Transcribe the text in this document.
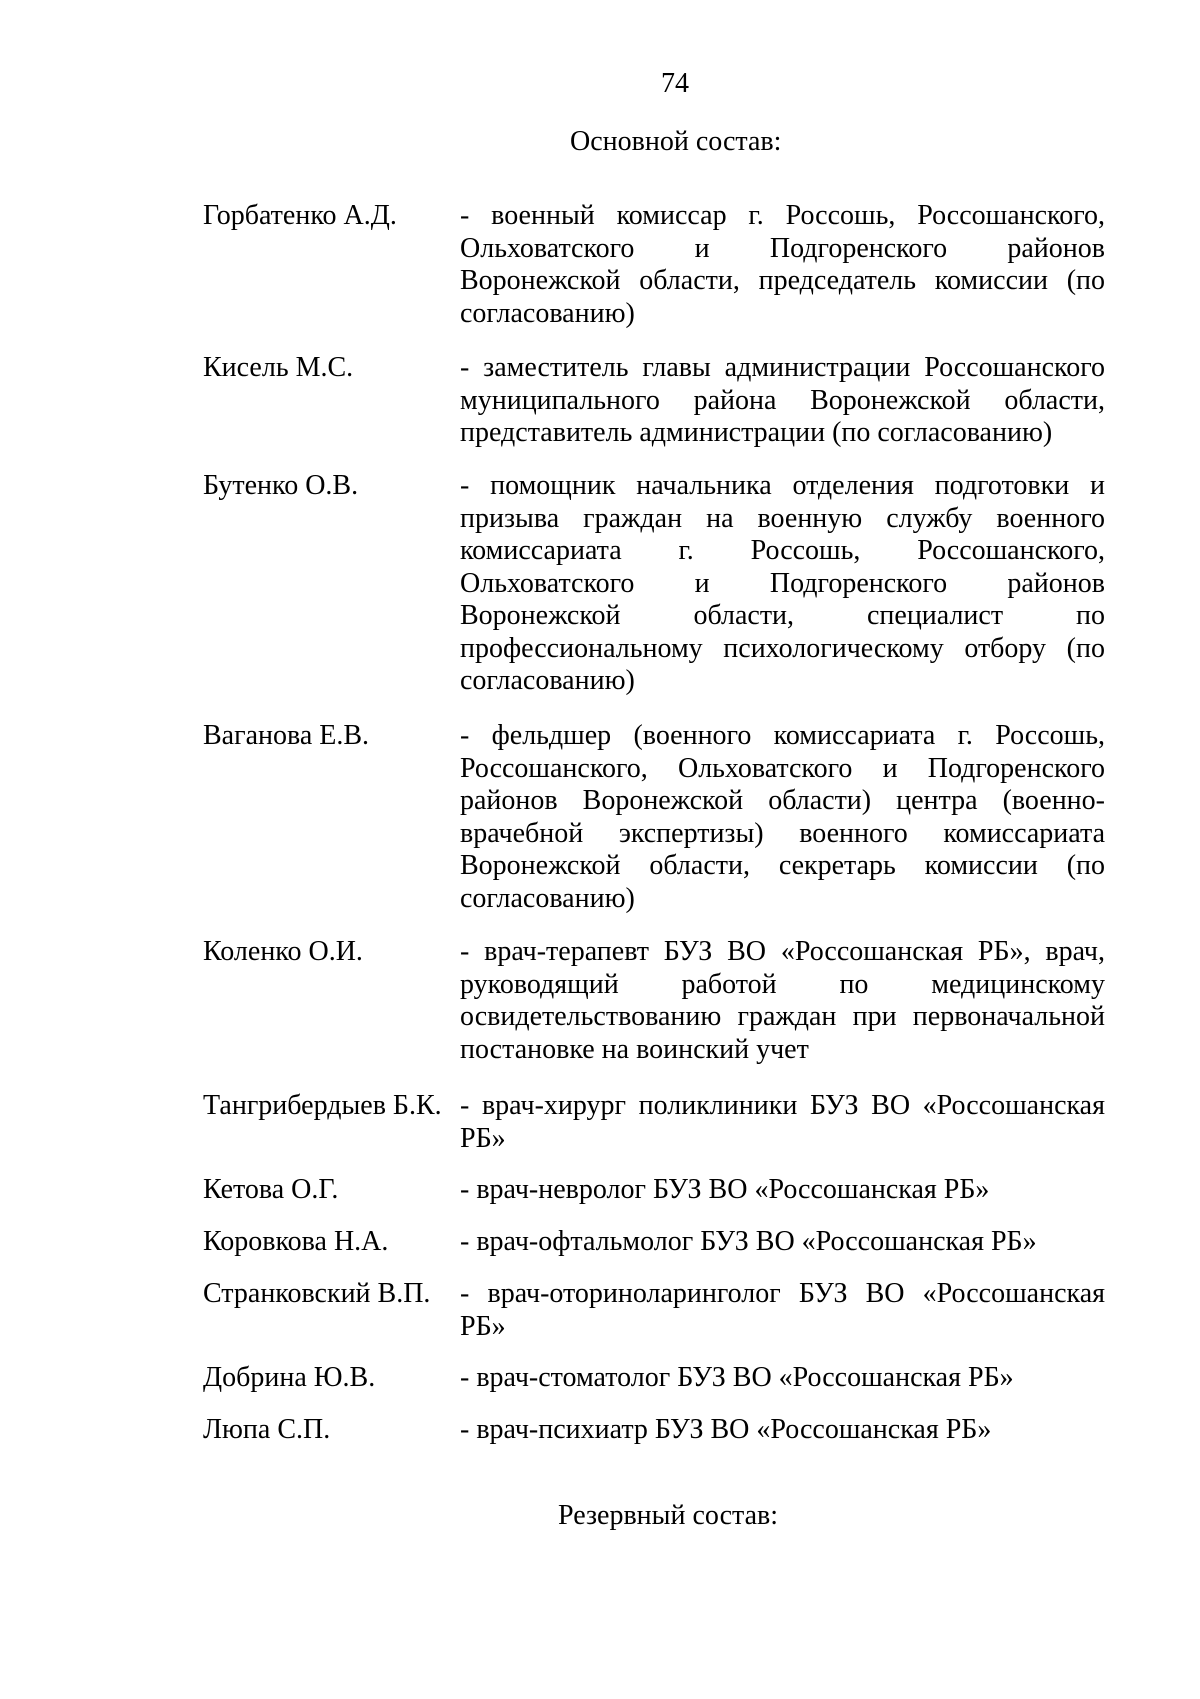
74
Основной состав:
Горбатенко А.Д.	- военный комиссар г. Россошь, Россошанского, Ольховатского и Подгоренского районов Воронежской области, председатель комиссии (по согласованию)
Кисель М.С.	- заместитель главы администрации Россошанского муниципального района Воронежской области, представитель администрации (по согласованию)
Бутенко О.В.	- помощник начальника отделения подготовки и призыва граждан на военную службу военного комиссариата г. Россошь, Россошанского, Ольховатского и Подгоренского районов Воронежской области, специалист по профессиональному психологическому отбору (по согласованию)
Ваганова Е.В.	- фельдшер (военного комиссариата г. Россошь, Россошанского, Ольховатского и Подгоренского районов Воронежской области) центра (военно-врачебной экспертизы) военного комиссариата Воронежской области, секретарь комиссии (по согласованию)
Коленко О.И.	- врач-терапевт БУЗ ВО «Россошанская РБ», врач, руководящий работой по медицинскому освидетельствованию граждан при первоначальной постановке на воинский учет
Тангрибердыев Б.К. - врач-хирург поликлиники БУЗ ВО «Россошанская РБ»
Кетова О.Г.	- врач-невролог БУЗ ВО «Россошанская РБ»
Коровкова Н.А.	- врач-офтальмолог БУЗ ВО «Россошанская РБ»
Странковский В.П.	- врач-оториноларинголог БУЗ ВО «Россошанская РБ»
Добрина Ю.В.	- врач-стоматолог БУЗ ВО «Россошанская РБ»
Люпа С.П.	- врач-психиатр БУЗ ВО «Россошанская РБ»
Резервный состав:
